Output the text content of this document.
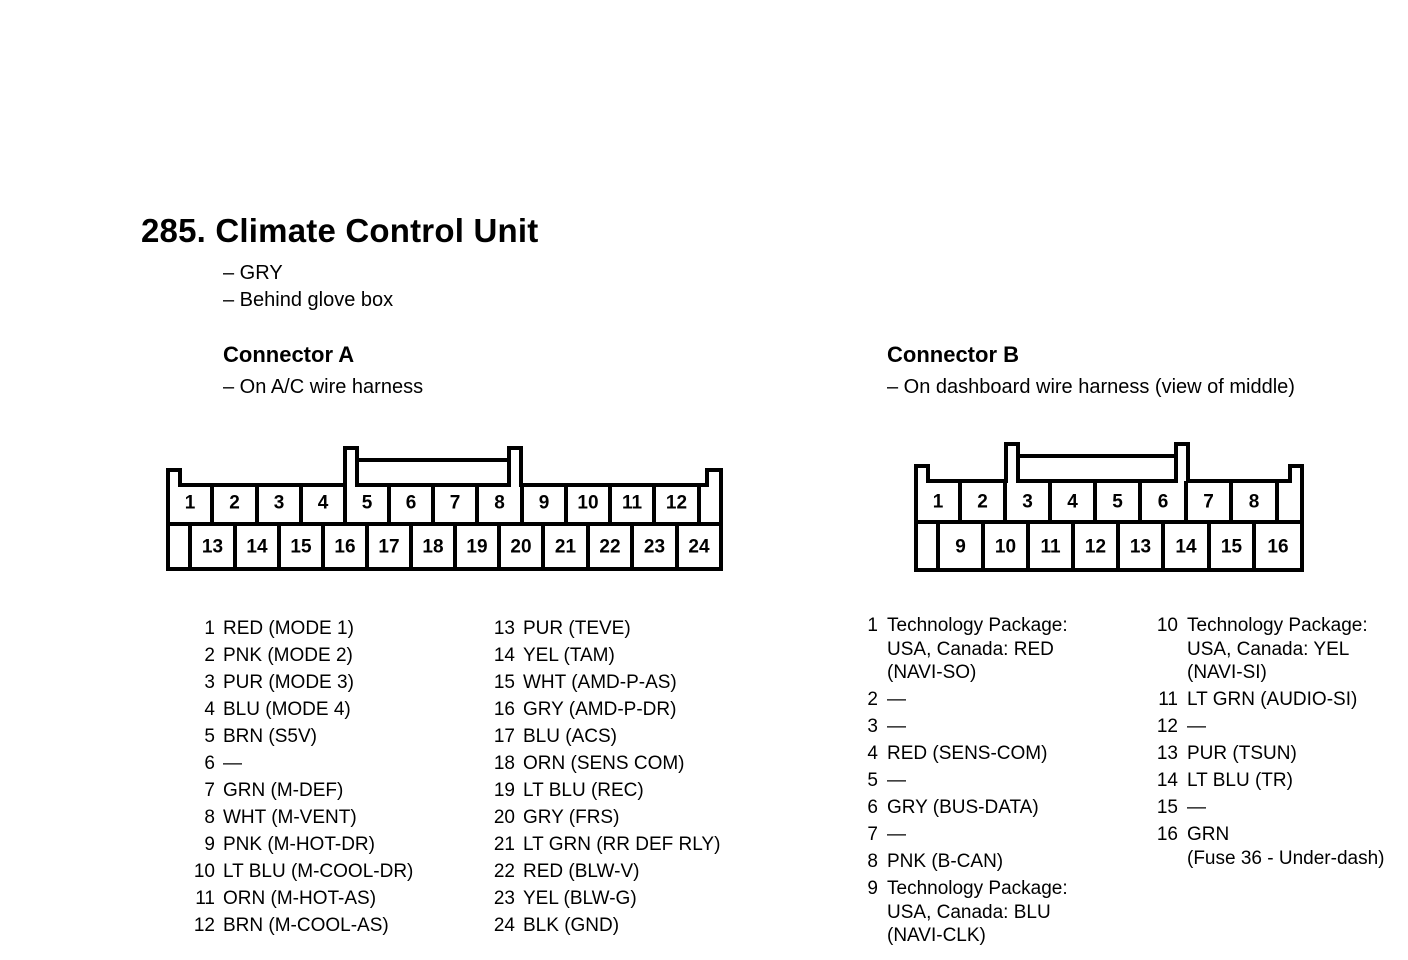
285. Climate Control Unit
– GRY
– Behind glove box
Connector A
– On A/C wire harness
1 2 3 4 5 6 7 8 9 10 11 12
13 14 15 16 17 18 19 20 21 22 23 24
1 2 3 4 5 6 7 8
9 10 11 12 13 14 15 16
1 RED (MODE 1)
2 PNK (MODE 2)
3 PUR (MODE 3)
4 BLU (MODE 4)
5 BRN (S5V)
6 —
7 GRN (M-DEF)
8 WHT (M-VENT)
9 PNK (M-HOT-DR)
10 LT BLU (M-COOL-DR)
11 ORN (M-HOT-AS)
12 BRN (M-COOL-AS)
13 PUR (TEVE)
14 YEL (TAM)
15 WHT (AMD-P-AS)
16 GRY (AMD-P-DR)
17 BLU (ACS)
18 ORN (SENS COM)
19 LT BLU (REC)
20 GRY (FRS)
21 LT GRN (RR DEF RLY)
22 RED (BLW-V)
23 YEL (BLW-G)
24 BLK (GND)
Connector B
– On dashboard wire harness (view of middle)
1 Technology Package:
USA, Canada: RED
(NAVI-SO)
2 —
3 —
4 RED (SENS-COM)
5 —
6 GRY (BUS-DATA)
7 —
8 PNK (B-CAN)
9 Technology Package:
USA, Canada: BLU
(NAVI-CLK)
10 Technology Package:
USA, Canada: YEL
(NAVI-SI)
11 LT GRN (AUDIO-SI)
12 —
13 PUR (TSUN)
14 LT BLU (TR)
15 —
16 GRN
(Fuse 36 - Under-dash)
